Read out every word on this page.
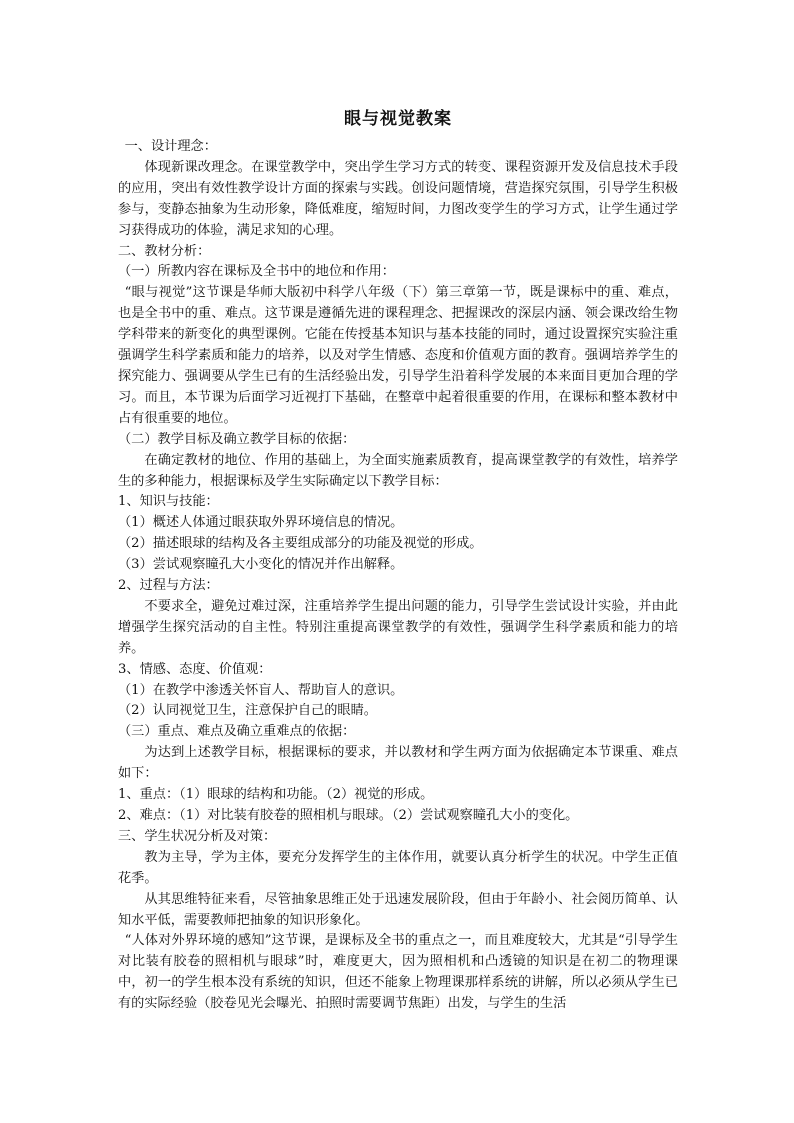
眼与视觉教案

一、设计理念：

体现新课改理念。在课堂教学中，突出学生学习方式的转变、课程资源开发及信息技术手段的应用，突出有效性教学设计方面的探索与实践。创设问题情境，营造探究氛围，引导学生积极参与，变静态抽象为生动形象，降低难度，缩短时间，力图改变学生的学习方式，让学生通过学习获得成功的体验，满足求知的心理。

二、教材分析：

（一）所教内容在课标及全书中的地位和作用：

“眼与视觉”这节课是华师大版初中科学八年级（下）第三章第一节，既是课标中的重、难点，也是全书中的重、难点。这节课是遵循先进的课程理念、把握课改的深层内涵、领会课改给生物学科带来的新变化的典型课例。它能在传授基本知识与基本技能的同时，通过设置探究实验注重强调学生科学素质和能力的培养，以及对学生情感、态度和价值观方面的教育。强调培养学生的探究能力、强调要从学生已有的生活经验出发，引导学生沿着科学发展的本来面目更加合理的学习。而且，本节课为后面学习近视打下基础，在整章中起着很重要的作用，在课标和整本教材中占有很重要的地位。

（二）教学目标及确立教学目标的依据：

在确定教材的地位、作用的基础上，为全面实施素质教育，提高课堂教学的有效性，培养学生的多种能力，根据课标及学生实际确定以下教学目标：

1、知识与技能：

（1）概述人体通过眼获取外界环境信息的情况。

（2）描述眼球的结构及各主要组成部分的功能及视觉的形成。

（3）尝试观察瞳孔大小变化的情况并作出解释。

2、过程与方法：

不要求全，避免过难过深，注重培养学生提出问题的能力，引导学生尝试设计实验，并由此增强学生探究活动的自主性。特别注重提高课堂教学的有效性，强调学生科学素质和能力的培养。

3、情感、态度、价值观：

（1）在教学中渗透关怀盲人、帮助盲人的意识。

（2）认同视觉卫生，注意保护自己的眼睛。

（三）重点、难点及确立重难点的依据：

为达到上述教学目标，根据课标的要求，并以教材和学生两方面为依据确定本节课重、难点如下：

1、重点：（1）眼球的结构和功能。（2）视觉的形成。

2、难点：（1）对比装有胶卷的照相机与眼球。（2）尝试观察瞳孔大小的变化。

三、学生状况分析及对策：

教为主导，学为主体，要充分发挥学生的主体作用，就要认真分析学生的状况。中学生正值花季。

从其思维特征来看，尽管抽象思维正处于迅速发展阶段，但由于年龄小、社会阅历简单、认知水平低，需要教师把抽象的知识形象化。

“人体对外界环境的感知”这节课，是课标及全书的重点之一，而且难度较大，尤其是“引导学生对比装有胶卷的照相机与眼球”时，难度更大，因为照相机和凸透镜的知识是在初二的物理课中，初一的学生根本没有系统的知识，但还不能象上物理课那样系统的讲解，所以必须从学生已有的实际经验（胶卷见光会曝光、拍照时需要调节焦距）出发，与学生的生活
